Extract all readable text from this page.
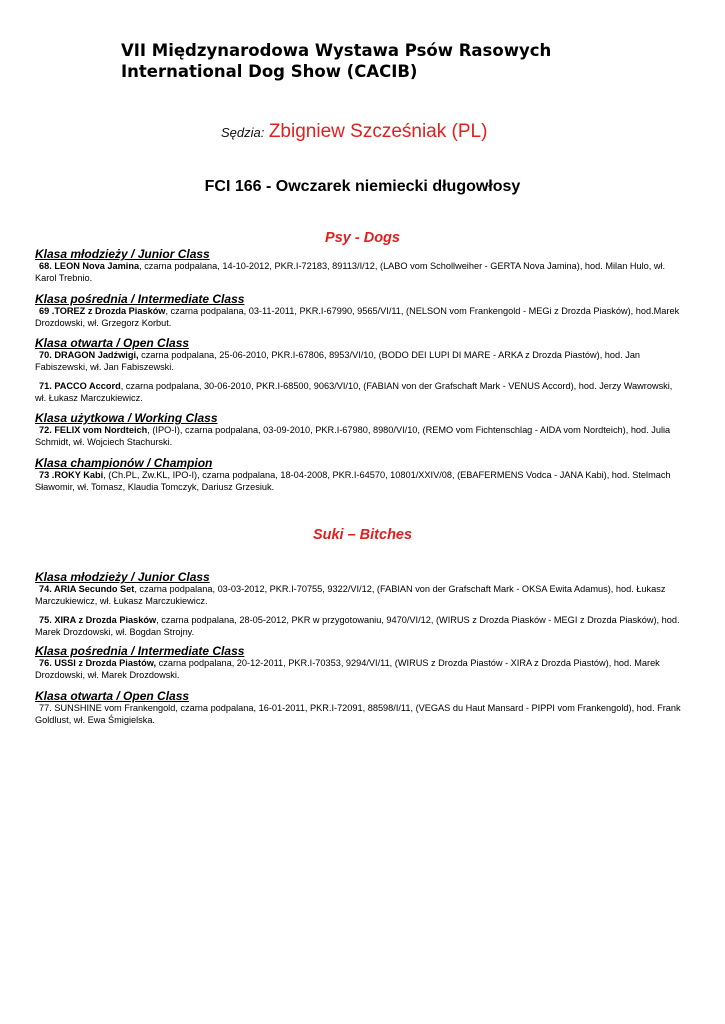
VII Międzynarodowa Wystawa Psów Rasowych
International Dog Show (CACIB)
Sędzia: Zbigniew Szcześniak (PL)
FCI 166 - Owczarek niemiecki długowłosy
Psy - Dogs
Klasa młodzieży / Junior Class
68. LEON Nova Jamina, czarna podpalana, 14-10-2012, PKR.I-72183, 89113/I/12, (LABO vom Schollweiher - GERTA Nova Jamina), hod. Milan Hulo, wł. Karol Trebnio.
Klasa pośrednia / Intermediate Class
69 .TOREZ z Drozda Piasków, czarna podpalana, 03-11-2011, PKR.I-67990, 9565/VI/11, (NELSON vom Frankengold - MEGi z Drozda Piasków), hod.Marek Drozdowski, wł. Grzegorz Korbut.
Klasa otwarta / Open Class
70. DRAGON Jadźwigi, czarna podpalana, 25-06-2010, PKR.I-67806, 8953/VI/10, (BODO DEI LUPI DI MARE - ARKA z Drozda Piastów), hod. Jan Fabiszewski, wł. Jan Fabiszewski.
71. PACCO Accord, czarna podpalana, 30-06-2010, PKR.I-68500, 9063/VI/10, (FABIAN von der Grafschaft Mark - VENUS Accord), hod. Jerzy Wawrowski, wł. Łukasz Marczukiewicz.
Klasa użytkowa / Working Class
72. FELIX vom Nordteich, (IPO-I), czarna podpalana, 03-09-2010, PKR.I-67980, 8980/VI/10, (REMO vom Fichtenschlag - AIDA vom Nordteich), hod. Julia Schmidt, wł. Wojciech Stachurski.
Klasa championów / Champion
73 .ROKY Kabi, (Ch.PL, Zw.KL, IPO-I), czarna podpalana, 18-04-2008, PKR.I-64570, 10801/XXIV/08, (EBAFERMENS Vodca - JANA Kabi), hod. Stelmach Sławomir, wł. Tomasz, Klaudia Tomczyk, Dariusz Grzesiuk.
Suki – Bitches
Klasa młodzieży / Junior Class
74. ARIA Secundo Set, czarna podpalana, 03-03-2012, PKR.I-70755, 9322/VI/12, (FABIAN von der Grafschaft Mark - OKSA Ewita Adamus), hod. Łukasz Marczukiewicz, wł. Łukasz Marczukiewicz.
75. XIRA z Drozda Piasków, czarna podpalana, 28-05-2012, PKR w przygotowaniu, 9470/VI/12, (WIRUS z Drozda Piasków - MEGI z Drozda Piasków), hod. Marek Drozdowski, wł. Bogdan Strojny.
Klasa pośrednia / Intermediate Class
76. USSI z Drozda Piastów, czarna podpalana, 20-12-2011, PKR.I-70353, 9294/VI/11, (WIRUS z Drozda Piastów - XIRA z Drozda Piastów), hod. Marek Drozdowski, wł. Marek Drozdowski.
Klasa otwarta / Open Class
77. SUNSHINE vom Frankengold, czarna podpalana, 16-01-2011, PKR.I-72091, 88598/I/11, (VEGAS du Haut Mansard - PIPPI vom Frankengold), hod. Frank Goldlust, wł. Ewa Śmigielska.
